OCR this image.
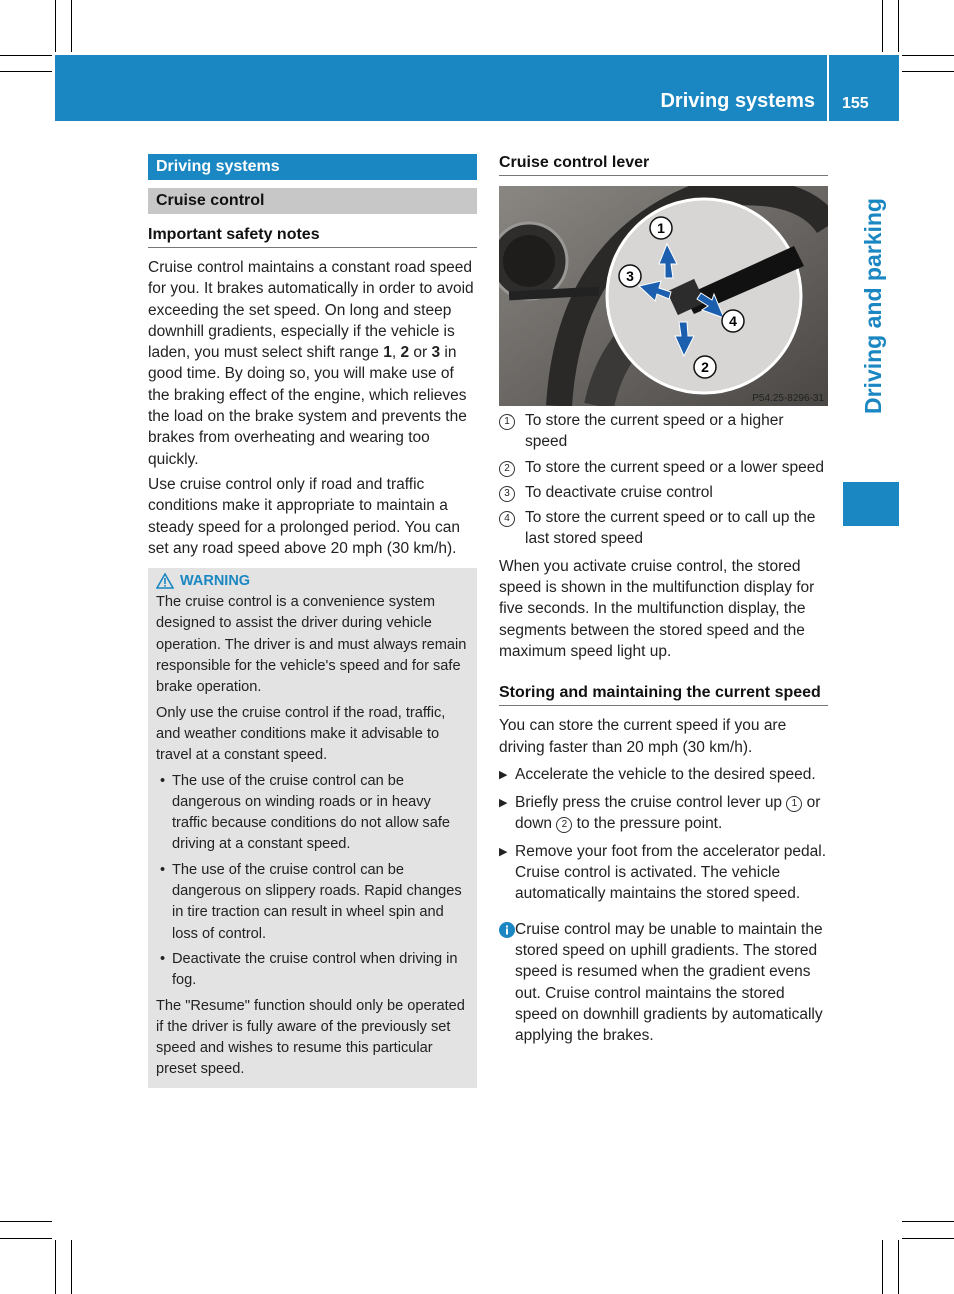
Driving systems 155
Driving and parking
Driving systems
Cruise control
Important safety notes

Cruise control maintains a constant road speed for you. It brakes automatically in order to avoid exceeding the set speed. On long and steep downhill gradients, especially if the vehicle is laden, you must select shift range 1, 2 or 3 in good time. By doing so, you will make use of the braking effect of the engine, which relieves the load on the brake system and prevents the brakes from overheating and wearing too quickly.

Use cruise control only if road and traffic conditions make it appropriate to maintain a steady speed for a prolonged period. You can set any road speed above 20 mph (30 km/h).

WARNING

The cruise control is a convenience system designed to assist the driver during vehicle operation. The driver is and must always remain responsible for the vehicle's speed and for safe brake operation.

Only use the cruise control if the road, traffic, and weather conditions make it advisable to travel at a constant speed.

• The use of the cruise control can be dangerous on winding roads or in heavy traffic because conditions do not allow safe driving at a constant speed.
• The use of the cruise control can be dangerous on slippery roads. Rapid changes in tire traction can result in wheel spin and loss of control.
• Deactivate the cruise control when driving in fog.

The "Resume" function should only be operated if the driver is fully aware of the previously set speed and wishes to resume this particular preset speed.

Cruise control lever
1
2
3
4
P54.25-8296-31
1 To store the current speed or a higher speed
2 To store the current speed or a lower speed
3 To deactivate cruise control
4 To store the current speed or to call up the last stored speed

When you activate cruise control, the stored speed is shown in the multifunction display for five seconds. In the multifunction display, the segments between the stored speed and the maximum speed light up.

Storing and maintaining the current speed

You can store the current speed if you are driving faster than 20 mph (30 km/h).

▶ Accelerate the vehicle to the desired speed.
▶ Briefly press the cruise control lever up 1 or down 2 to the pressure point.
▶ Remove your foot from the accelerator pedal.
Cruise control is activated. The vehicle automatically maintains the stored speed.
Cruise control may be unable to maintain the stored speed on uphill gradients. The stored speed is resumed when the gradient evens out. Cruise control maintains the stored speed on downhill gradients by automatically applying the brakes.
